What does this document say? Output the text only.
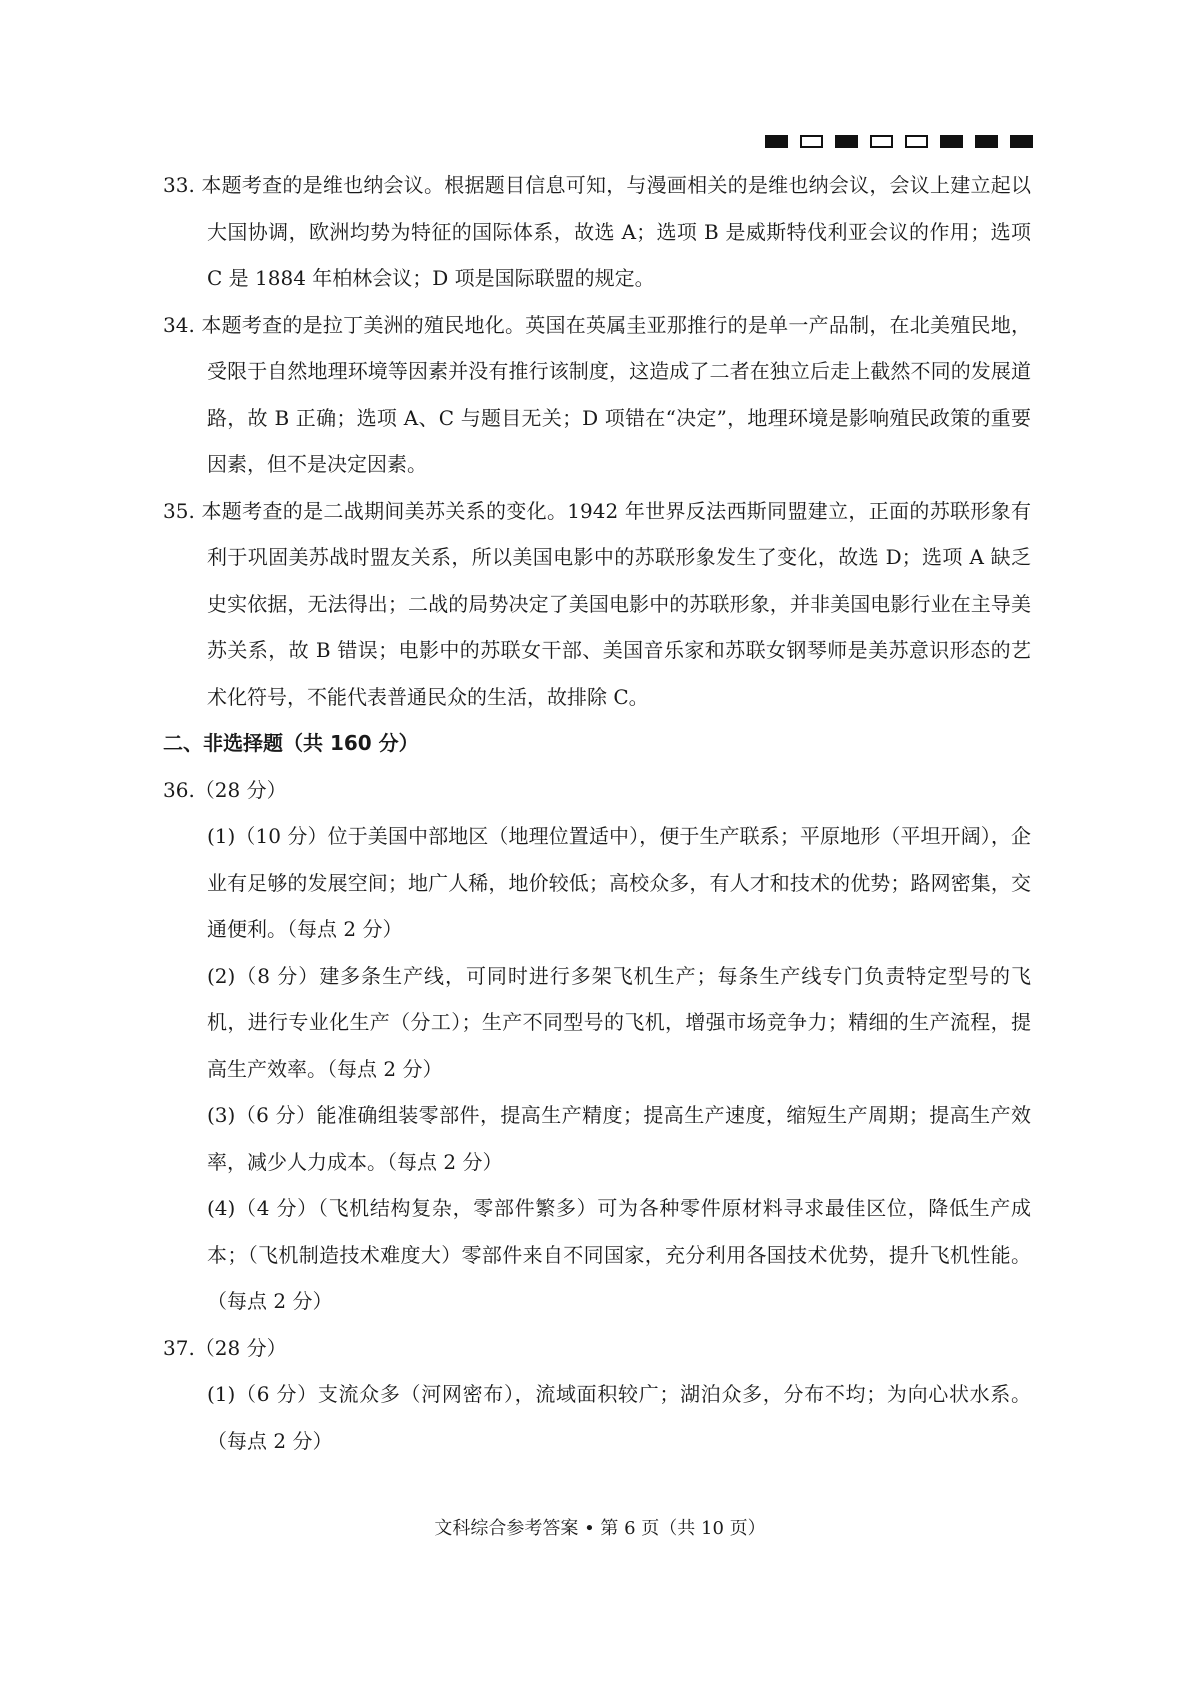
33. 本题考查的是维也纳会议。根据题目信息可知，与漫画相关的是维也纳会议，会议上建立起以大国协调，欧洲均势为特征的国际体系，故选 A；选项 B 是威斯特伐利亚会议的作用；选项 C 是 1884 年柏林会议；D 项是国际联盟的规定。
34. 本题考查的是拉丁美洲的殖民地化。英国在英属圭亚那推行的是单一产品制，在北美殖民地，受限于自然地理环境等因素并没有推行该制度，这造成了二者在独立后走上截然不同的发展道路，故 B 正确；选项 A、C 与题目无关；D 项错在“决定”，地理环境是影响殖民政策的重要因素，但不是决定因素。
35. 本题考查的是二战期间美苏关系的变化。1942 年世界反法西斯同盟建立，正面的苏联形象有利于巩固美苏战时盟友关系，所以美国电影中的苏联形象发生了变化，故选 D；选项 A 缺乏史实依据，无法得出；二战的局势决定了美国电影中的苏联形象，并非美国电影行业在主导美苏关系，故 B 错误；电影中的苏联女干部、美国音乐家和苏联女钢琴师是美苏意识形态的艺术化符号，不能代表普通民众的生活，故排除 C。
二、非选择题（共 160 分）
36.（28 分）
(1)（10 分）位于美国中部地区（地理位置适中），便于生产联系；平原地形（平坦开阔），企业有足够的发展空间；地广人稀，地价较低；高校众多，有人才和技术的优势；路网密集，交通便利。（每点 2 分）
(2)（8 分）建多条生产线，可同时进行多架飞机生产；每条生产线专门负责特定型号的飞机，进行专业化生产（分工）；生产不同型号的飞机，增强市场竞争力；精细的生产流程，提高生产效率。（每点 2 分）
(3)（6 分）能准确组装零部件，提高生产精度；提高生产速度，缩短生产周期；提高生产效率，减少人力成本。（每点 2 分）
(4)（4 分）（飞机结构复杂，零部件繁多）可为各种零件原材料寻求最佳区位，降低生产成本；（飞机制造技术难度大）零部件来自不同国家，充分利用各国技术优势，提升飞机性能。（每点 2 分）
37.（28 分）
(1)（6 分）支流众多（河网密布），流域面积较广；湖泊众多，分布不均；为向心状水系。（每点 2 分）
文科综合参考答案 • 第 6 页（共 10 页）
